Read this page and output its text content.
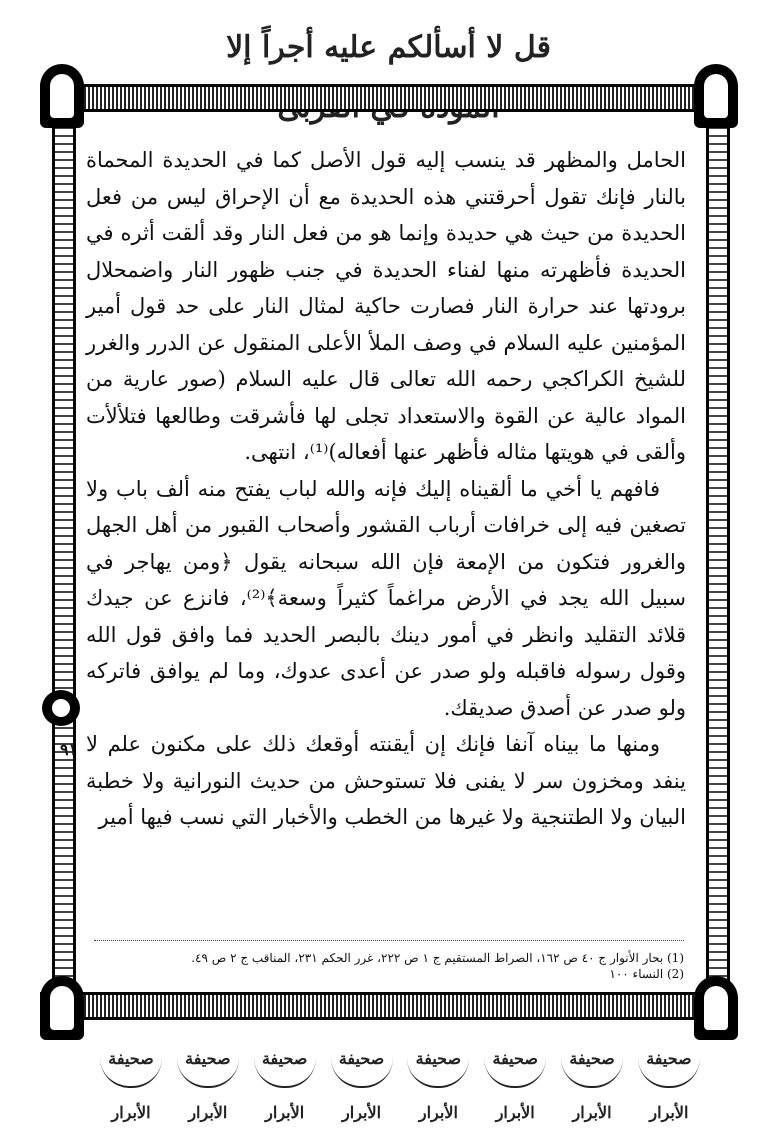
قل لا أسألكم عليه أجراً إلا
٩١

الحامل والمظهر قد ينسب إليه قول الأصل كما في الحديدة المحماة بالنار فإنك تقول أحرقتني هذه الحديدة مع أن الإحراق ليس من فعل الحديدة من حيث هي حديدة وإنما هو من فعل النار وقد ألقت أثره في الحديدة فأظهرته منها لفناء الحديدة في جنب ظهور النار واضمحلال برودتها عند حرارة النار فصارت حاكية لمثال النار على حد قول أمير المؤمنين عليه السلام في وصف الملأ الأعلى المنقول عن الدرر والغرر للشيخ الكراكجي رحمه الله تعالى قال عليه السلام (صور عارية من المواد عالية عن القوة والاستعداد تجلى لها فأشرقت وطالعها فتلألأت وألقى في هويتها مثاله فأظهر عنها أفعاله)⁽¹⁾، انتهى.

فافهم يا أخي ما ألقيناه إليك فإنه والله لباب يفتح منه ألف باب ولا تصغين فيه إلى خرافات أرباب القشور وأصحاب القبور من أهل الجهل والغرور فتكون من الإمعة فإن الله سبحانه يقول ﴿ومن يهاجر في سبيل الله يجد في الأرض مراغماً كثيراً وسعة﴾⁽²⁾، فانزع عن جيدك قلائد التقليد وانظر في أمور دينك بالبصر الحديد فما وافق قول الله وقول رسوله فاقبله ولو صدر عن أعدى عدوك، وما لم يوافق فاتركه ولو صدر عن أصدق صديقك.

ومنها ما بيناه آنفا فإنك إن أيقنته أوقعك ذلك على مكنون علم لا ينفد ومخزون سر لا يفنى فلا تستوحش من حديث النورانية ولا خطبة البيان ولا الطتنجية ولا غيرها من الخطب والأخبار التي نسب فيها أمير

(1) بحار الأنوار ج ٤٠ ص ١٦٢، الصراط المستقيم ج ١ ص ٢٢٢، غرر الحكم ٢٣١، المناقب ج ٢ ص ٤٩.
(2) النساء ١٠٠
صحيفة الأبرار
صحيفة الأبرار
صحيفة الأبرار
صحيفة الأبرار
صحيفة الأبرار
صحيفة الأبرار
صحيفة الأبرار
صحيفة الأبرار
